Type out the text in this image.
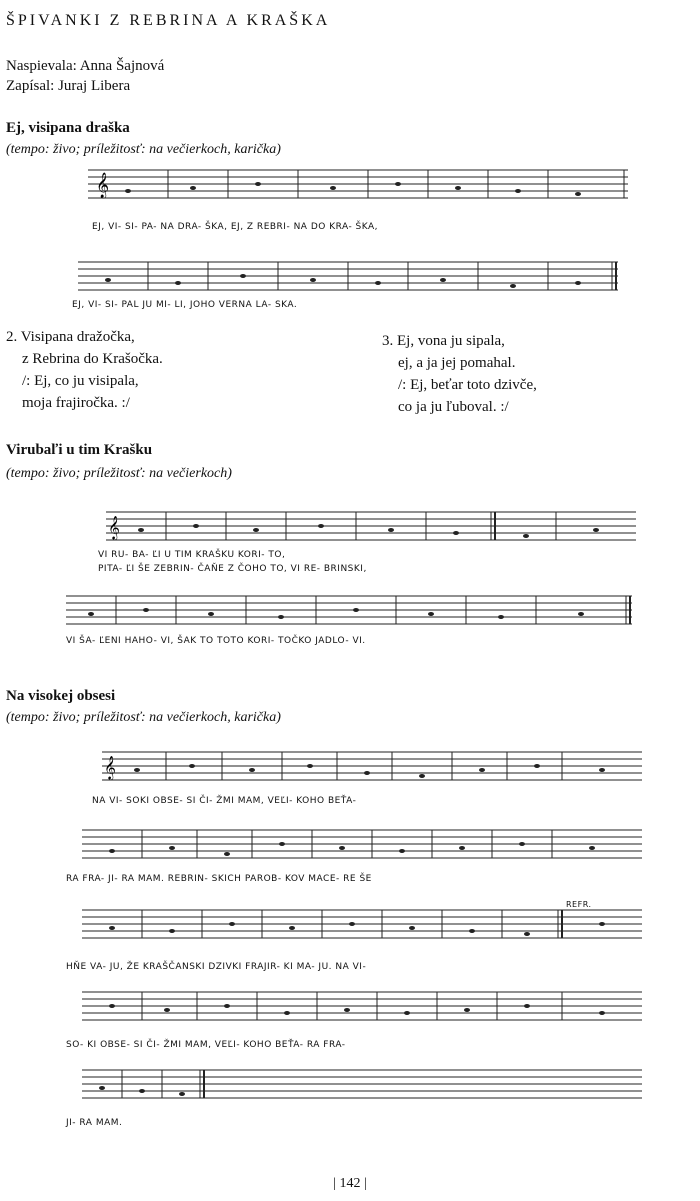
ŠPIVANKI Z REBRINA A KRAŠKA
Naspievala: Anna Šajnová
Zapísal: Juraj Libera
Ej, visipana draška
(tempo: živo; príležitosť: na večierkoch, karička)
𝄞
EJ, VI- SI- PA- NA DRA- ŠKA, EJ, Z REBRI- NA DO KRA- ŠKA,
EJ, VI- SI- PAL JU MI- LI, JOHO VERNA LA- SKA.
2. Visipana dražočka,
z Rebrina do Krašočka.
/: Ej, co ju visipala,
moja frajiročka. :/
3. Ej, vona ju sipala,
ej, a ja jej pomahal.
/: Ej, beťar toto dzivče,
co ja ju ľuboval. :/
Virubaľi u tim Krašku
(tempo: živo; príležitosť: na večierkoch)
𝄞
VI RU- BA- ĽI U TIM KRAŠKU KORI- TO,
PITA- ĽI ŠE ZEBRIN- ČAŇE Z ČOHO TO, VI RE- BRINSKI,
VI ŠA- ĽENI HAHO- VI, ŠAK TO TOTO KORI- TOČKO JADLO- VI.
Na visokej obsesi
(tempo: živo; príležitosť: na večierkoch, karička)
𝄞
NA VI- SOKI OBSE- SI ČI- ŽMI MAM, VEĽI- KOHO BEŤA-
RA FRA- JI- RA MAM. REBRIN- SKICH PAROB- KOV MACE- RE ŠE
REFR.
HŇE VA- JU, ŽE KRAŠČANSKI DZIVKI FRAJIR- KI MA- JU. NA VI-
SO- KI OBSE- SI ČI- ŽMI MAM, VEĽI- KOHO BEŤA- RA FRA-
JI- RA MAM.
| 142 |
